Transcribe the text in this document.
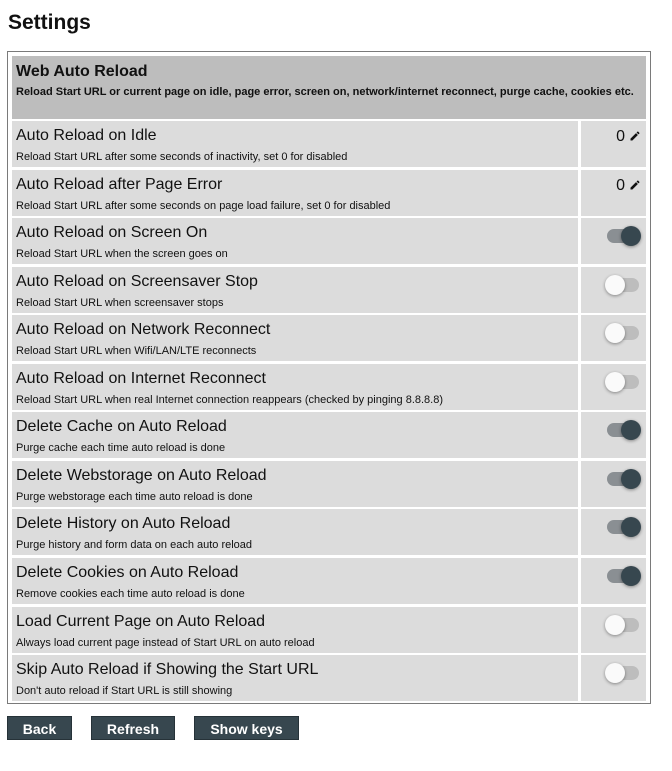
Settings
Web Auto Reload
Reload Start URL or current page on idle, page error, screen on, network/internet reconnect, purge cache, cookies etc.
Auto Reload on Idle
Reload Start URL after some seconds of inactivity, set 0 for disabled
0
Auto Reload after Page Error
Reload Start URL after some seconds on page load failure, set 0 for disabled
0
Auto Reload on Screen On
Reload Start URL when the screen goes on
Auto Reload on Screensaver Stop
Reload Start URL when screensaver stops
Auto Reload on Network Reconnect
Reload Start URL when Wifi/LAN/LTE reconnects
Auto Reload on Internet Reconnect
Reload Start URL when real Internet connection reappears (checked by pinging 8.8.8.8)
Delete Cache on Auto Reload
Purge cache each time auto reload is done
Delete Webstorage on Auto Reload
Purge webstorage each time auto reload is done
Delete History on Auto Reload
Purge history and form data on each auto reload
Delete Cookies on Auto Reload
Remove cookies each time auto reload is done
Load Current Page on Auto Reload
Always load current page instead of Start URL on auto reload
Skip Auto Reload if Showing the Start URL
Don't auto reload if Start URL is still showing
Back	Refresh	Show keys
